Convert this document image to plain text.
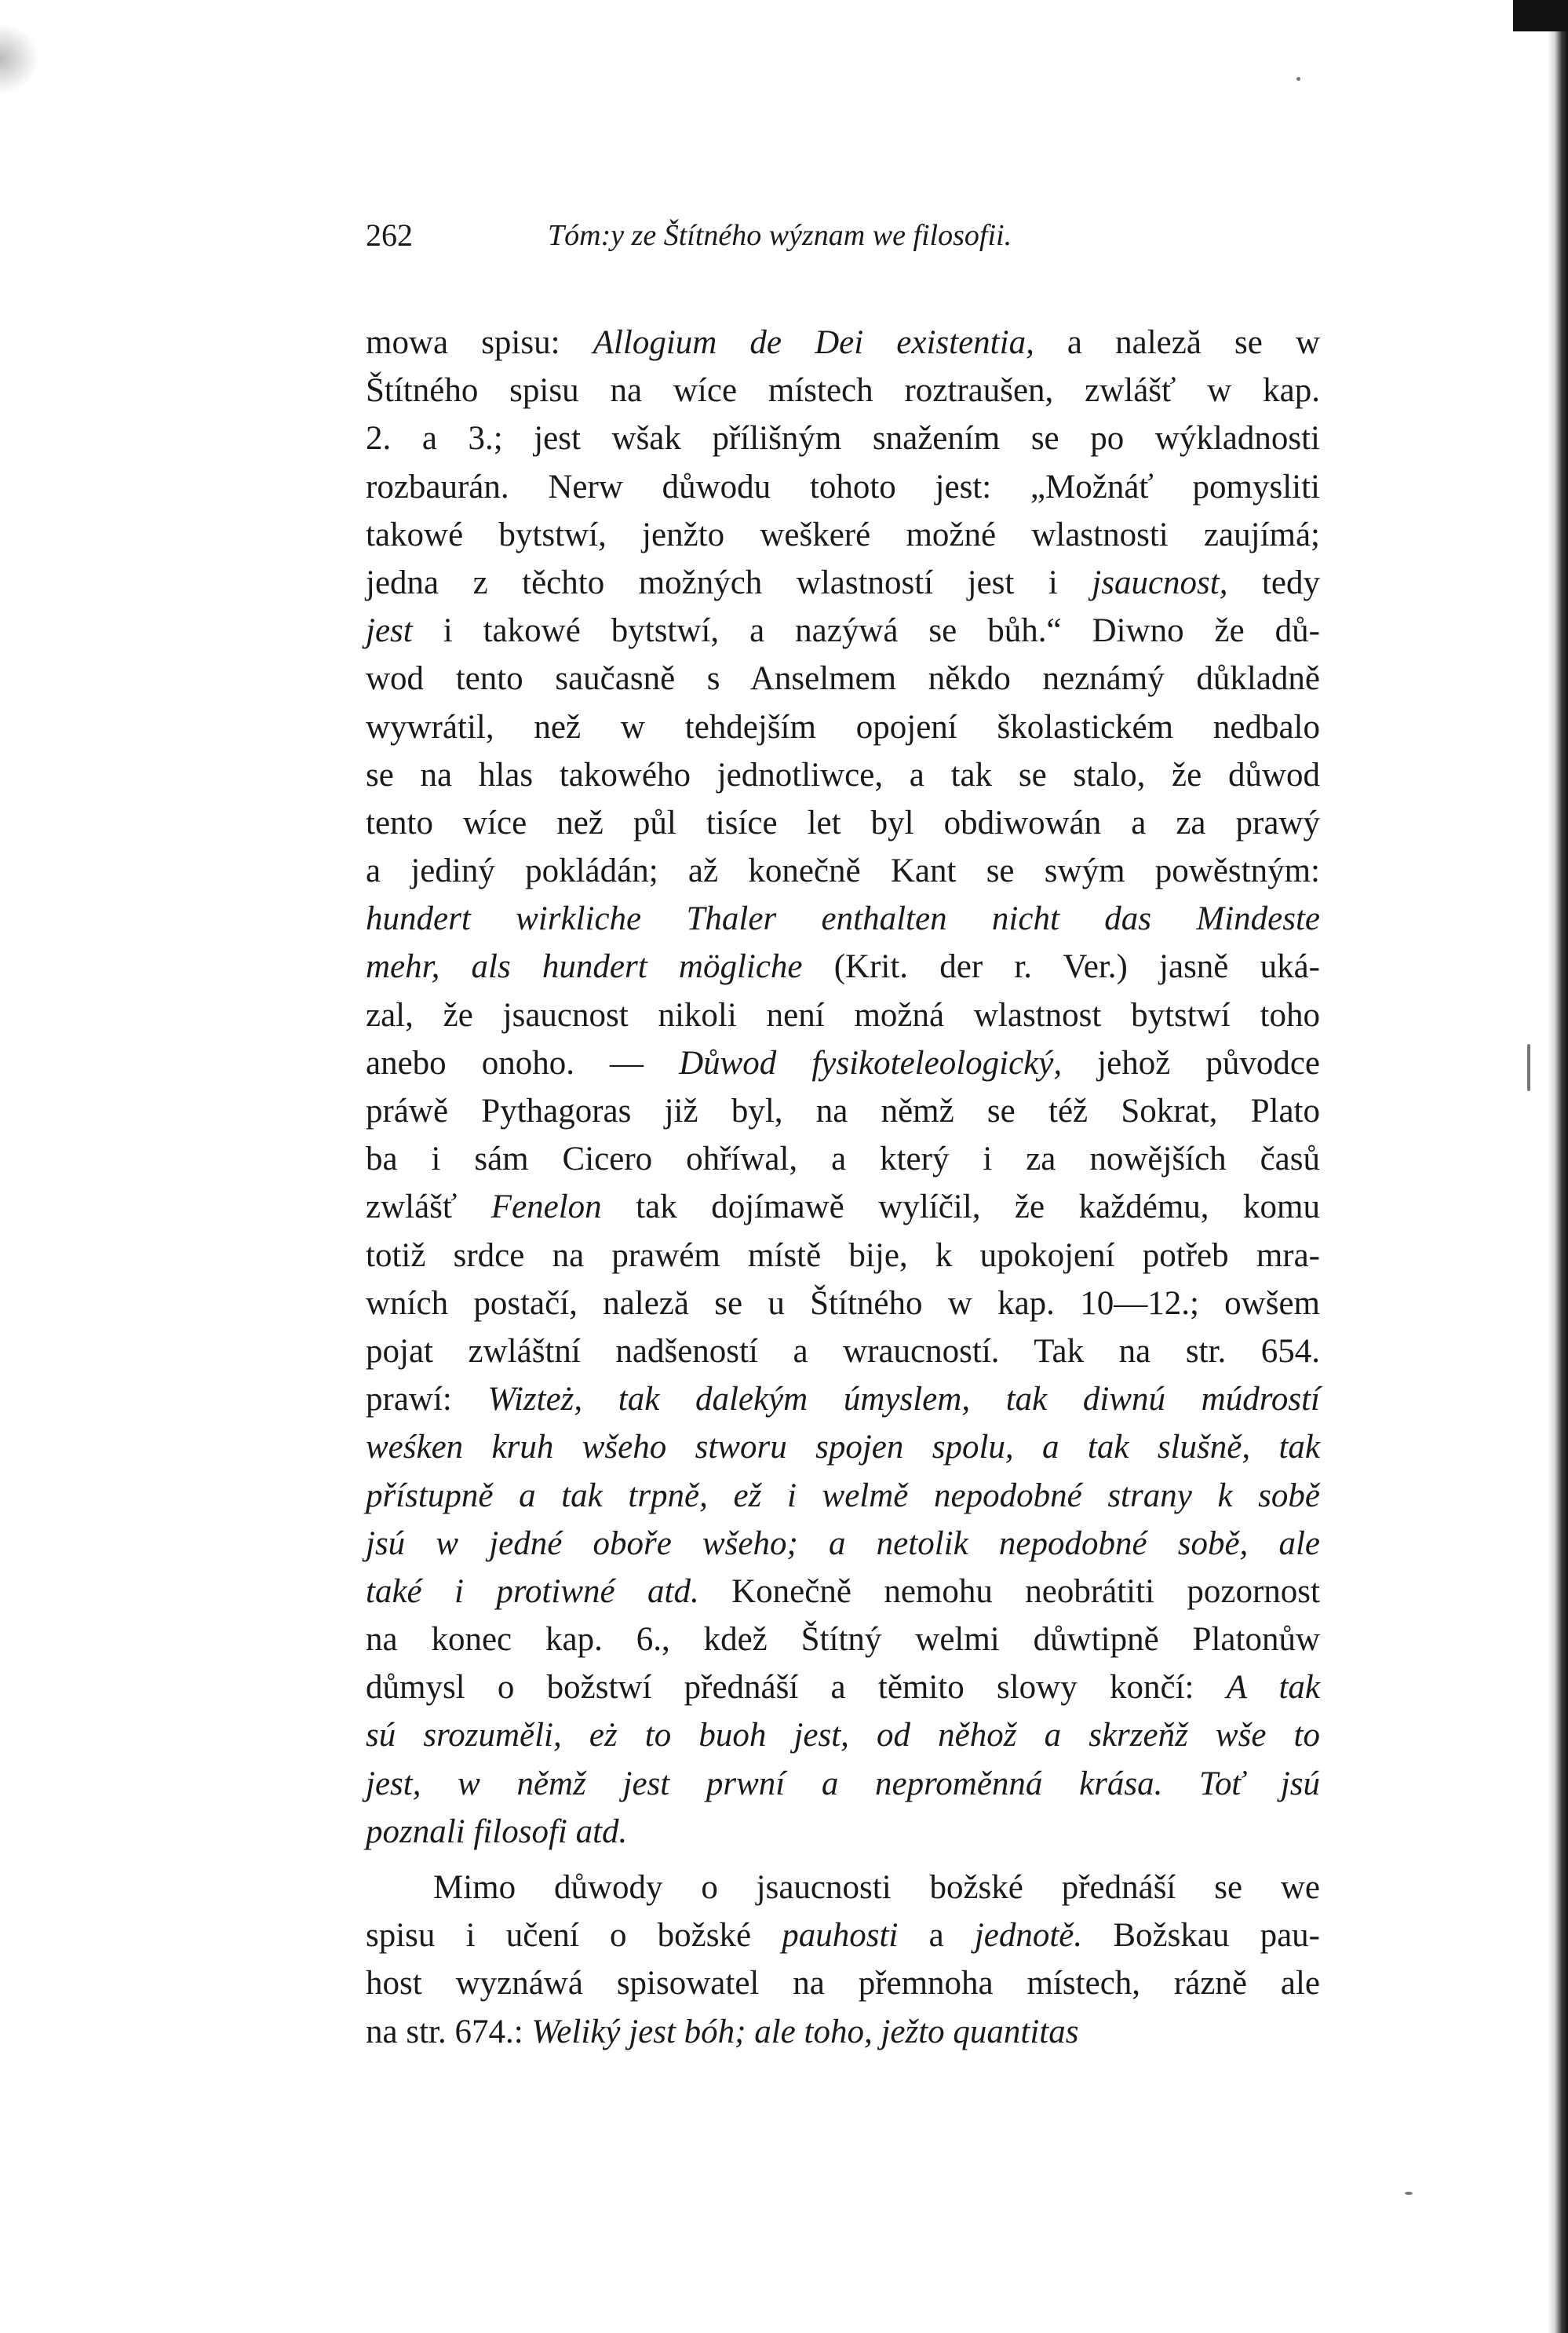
262	Tóm:y ze Štítného wýznam we filosofii.
mowa spisu: Allogium de Dei existentia, a naleză se w
Štítného spisu na wíce místech roztraušen, zwlášť w kap.
2. a 3.; jest wšak přílišným snažením se po wýkladnosti
rozbaurán. Nerw důwodu tohoto jest: „Možnáť pomysliti
takowé bytstwí, jenžto weškeré možné wlastnosti zaujímá;
jedna z těchto možných wlastností jest i jsaucnost, tedy
jest i takowé bytstwí, a nazýwá se bůh.“ Diwno že dů-
wod tento saučasně s Anselmem někdo neznámý důkladně
wywrátil, než w tehdejším opojení školastickém nedbalo
se na hlas takowého jednotliwce, a tak se stalo, že důwod
tento wíce než půl tisíce let byl obdiwowán a za prawý
a jediný pokládán; až konečně Kant se swým powěstným:
hundert wirkliche Thaler enthalten nicht das Mindeste
mehr, als hundert mögliche (Krit. der r. Ver.) jasně uká-
zal, že jsaucnost nikoli není možná wlastnost bytstwí toho
anebo onoho. — Důwod fysikoteleologický, jehož původce
práwě Pythagoras již byl, na němž se též Sokrat, Plato
ba i sám Cicero ohříwal, a který i za nowějších časů
zwlášť Fenelon tak dojímawě wylíčil, že každému, komu
totiž srdce na prawém místě bije, k upokojení potřeb mra-
wních postačí, naleză se u Štítného w kap. 10—12.; owšem
pojat zwláštní nadšeností a wraucností. Tak na str. 654.
prawí: Wizteż, tak dalekým úmyslem, tak diwnú múdrostí
weśken kruh wšeho stworu spojen spolu, a tak slušně, tak
přístupně a tak trpně, ež i welmě nepodobné strany k sobě
jsú w jedné oboře wšeho; a netolik nepodobné sobě, ale
také i protiwné atd. Konečně nemohu neobrátiti pozornost
na konec kap. 6., kdež Štítný welmi důwtipně Platonůw
důmysl o božstwí přednáší a těmito slowy končí: A tak
sú srozuměli, eż to buoh jest, od něhož a skrzeňž wše to
jest, w němž jest prwní a neproměnná krása. Toť jsú
poznali filosofi atd.
Mimo důwody o jsaucnosti božské přednáší se we
spisu i učení o božské pauhosti a jednotě. Božskau pau-
host wyznáwá spisowatel na přemnoha místech, rázně ale
na str. 674.: Weliký jest bóh; ale toho, ježto quantitas
